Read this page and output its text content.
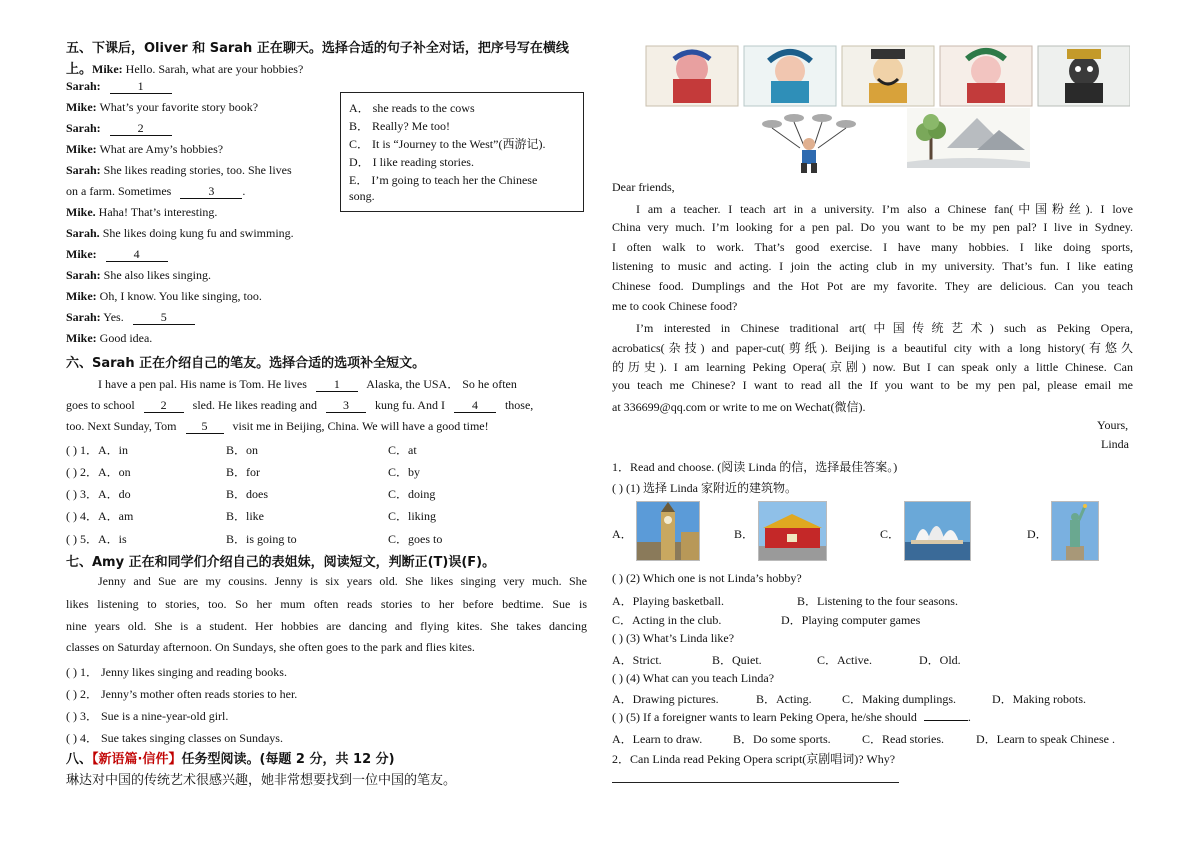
五、下课后，Oliver 和 Sarah 正在聊天。选择合适的句子补全对话，把序号写在横线
上。Mike: Hello. Sarah, what are your hobbies?
Sarah:	1
Mike: What’s your favorite story book?
Sarah:	2
Mike: What are Amy’s hobbies?
Sarah: She likes reading stories, too. She lives
on a farm. Sometimes	3 .
Mike. Haha! That’s interesting.
Sarah. She likes doing kung fu and swimming.
Mike:	4
Sarah: She also likes singing.
Mike: Oh, I know. You like singing, too.
Sarah: Yes.	5
Mike: Good idea.
A． she reads to the cows
B． Really? Me too!
C． It is “Journey to the West”(西游记).
D． I like reading stories.
E． I’m going to teach her the Chinese
song.
六、Sarah 正在介绍自己的笔友。选择合适的选项补全短文。
I have a pen pal. His name is Tom. He lives 1 Alaska, the USA． So he often
goes to school 2 sled. He likes reading and 3 kung fu. And I 4 those,
too. Next Sunday, Tom 5 visit me in Beijing, China. We will have a good time!
( ) 1．A．in	B．on	C．at
( ) 2．A．on	B．for	C．by
( ) 3．A．do	B．does	C．doing
( ) 4．A．am	B．like	C．liking
( ) 5．A．is	B．is going to	C．goes to
七、Amy 正在和同学们介绍自己的表姐妹，阅读短文，判断正(T)误(F)。
Jenny and Sue are my cousins. Jenny is six years old. She likes singing very much. She
likes listening to stories, too. So her mum often reads stories to her before bedtime. Sue is
nine years old. She is a student. Her hobbies are dancing and flying kites. She takes dancing
classes on Saturday afternoon. On Sundays, she often goes to the park and flies kites.
( ) 1． Jenny likes singing and reading books.
( ) 2． Jenny’s mother often reads stories to her.
( ) 3． Sue is a nine-year-old girl.
( ) 4． Sue takes singing classes on Sundays.
八、【新语篇·信件】任务型阅读。(每题 2 分，共 12 分)
琳达对中国的传统艺术很感兴趣，她非常想要找到一位中国的笔友。
Dear friends,
I am a teacher. I teach art in a university. I’m also a Chinese fan(中国粉丝). I love
China very much. I’m looking for a pen pal. Do you want to be my pen pal? I live in Sydney.
I often walk to work. That’s good exercise. I have many hobbies. I like doing sports,
listening to music and acting. I join the acting club in my university. That’s fun. I like eating
Chinese food. Dumplings and the Hot Pot are my favorite. They are delicious. Can you teach
me to cook Chinese food?
I’m interested in Chinese traditional art(中国传统艺术) such as Peking Opera,
acrobatics(杂技) and paper-cut(剪纸). Beijing is a beautiful city with a long history(有悠久
的历史). I am learning Peking Opera(京剧) now. But I can speak only a little Chinese. Can
you teach me Chinese? I want to read all the If you want to be my pen pal, please email me
at 336699@qq.com or write to me on Wechat(微信).
Yours,
Linda
1．Read and choose. (阅读 Linda 的信，选择最佳答案。)
( ) (1) 选择 Linda 家附近的建筑物。
A．	B．	C．	D．
( ) (2) Which one is not Linda’s hobby?
A．Playing basketball.	B．Listening to the four seasons.
C．Acting in the club.	D．Playing computer games
( ) (3) What’s Linda like?
A．Strict.	B．Quiet.	C．Active.	D．Old.
( ) (4) What can you teach Linda?
A．Drawing pictures.	B．Acting.	C．Making dumplings.	D．Making robots.
( ) (5) If a foreigner wants to learn Peking Opera, he/she should	.
A．Learn to draw.	B．Do some sports.	C．Read stories.	D．Learn to speak Chinese .
2．Can Linda read Peking Opera script(京剧唱词)? Why?
